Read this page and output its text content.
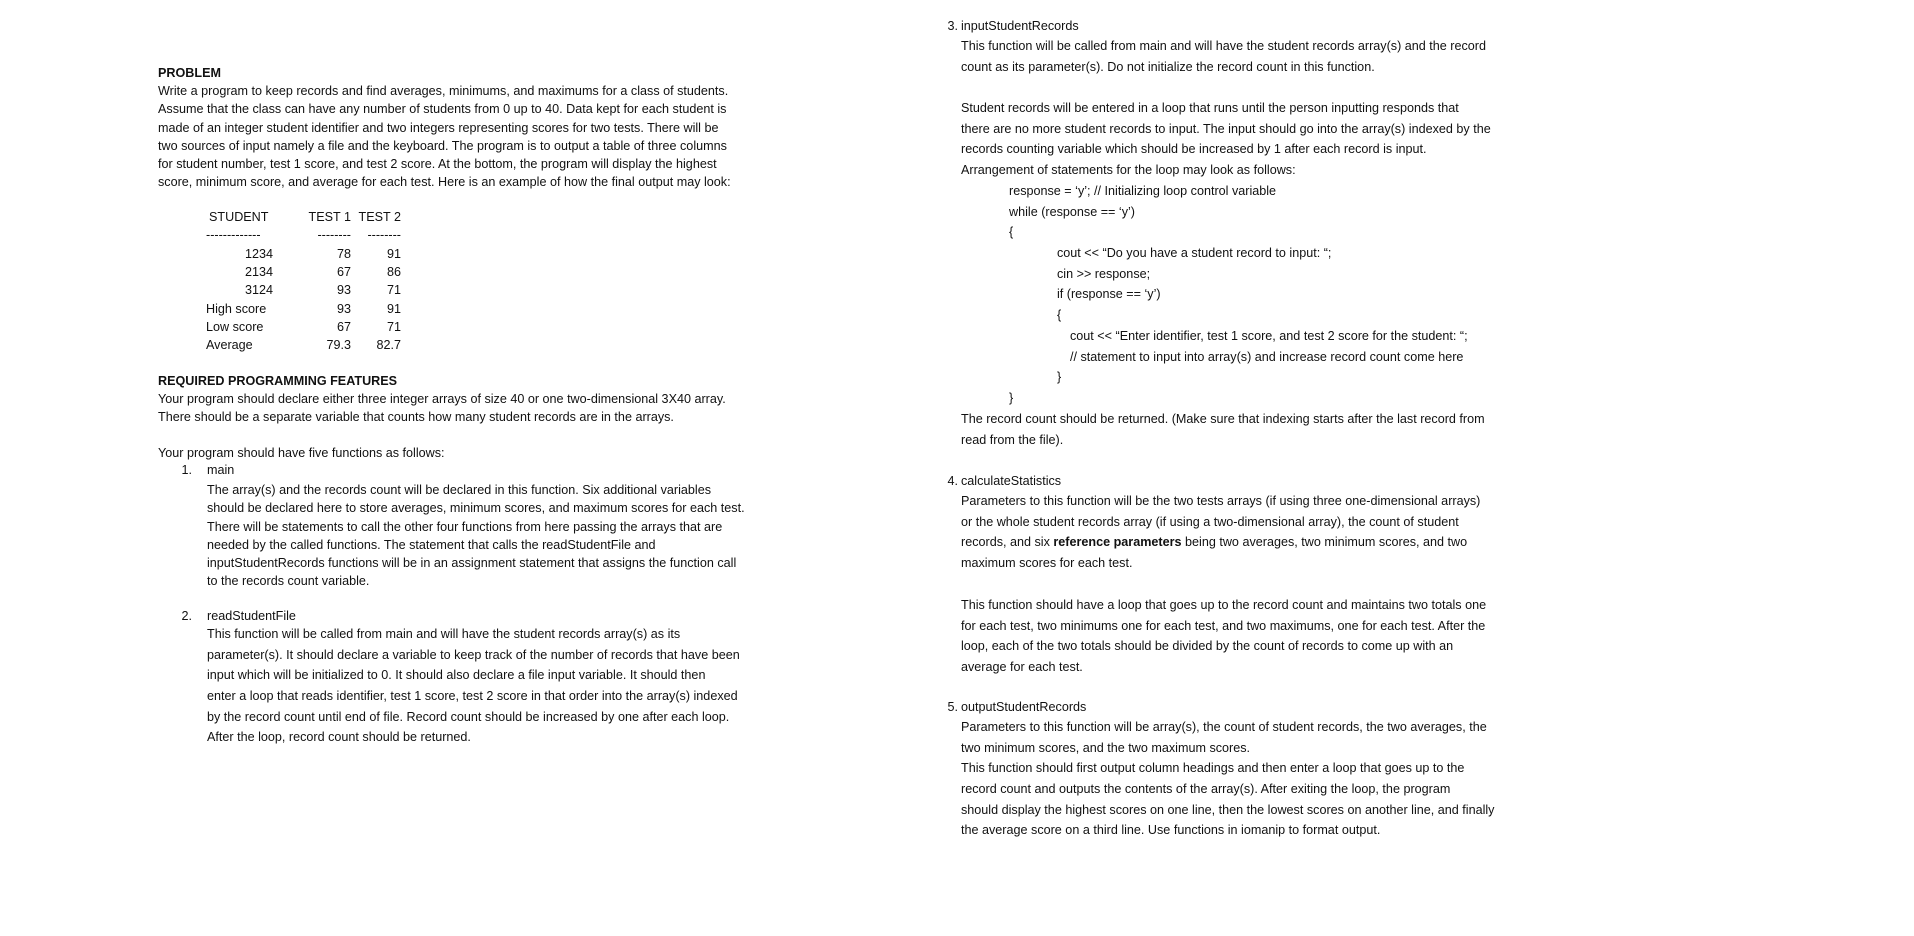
PROBLEM
Write a program to keep records and find averages, minimums, and maximums for a class of students.
Assume that the class can have any number of students from 0 up to 40. Data kept for each student is
made of an integer student identifier and two integers representing scores for two tests. There will be
two sources of input namely a file and the keyboard. The program is to output a table of three columns
for student number, test 1 score, and test 2 score. At the bottom, the program will display the highest
score, minimum score, and average for each test. Here is an example of how the final output may look:
STUDENT	TEST 1	TEST 2
-------------	--------	--------
1234	78	91
2134	67	86
3124	93	71
High score	93	91
Low score	67	71
Average	79.3	82.7
REQUIRED PROGRAMMING FEATURES
Your program should declare either three integer arrays of size 40 or one two-dimensional 3X40 array.
There should be a separate variable that counts how many student records are in the arrays.
Your program should have five functions as follows:
1. main
The array(s) and the records count will be declared in this function. Six additional variables
should be declared here to store averages, minimum scores, and maximum scores for each test.
There will be statements to call the other four functions from here passing the arrays that are
needed by the called functions. The statement that calls the readStudentFile and
inputStudentRecords functions will be in an assignment statement that assigns the function call
to the records count variable.
2. readStudentFile
This function will be called from main and will have the student records array(s) as its
parameter(s). It should declare a variable to keep track of the number of records that have been
input which will be initialized to 0. It should also declare a file input variable. It should then
enter a loop that reads identifier, test 1 score, test 2 score in that order into the array(s) indexed
by the record count until end of file. Record count should be increased by one after each loop.
After the loop, record count should be returned.
3. inputStudentRecords
This function will be called from main and will have the student records array(s) and the record
count as its parameter(s). Do not initialize the record count in this function.
Student records will be entered in a loop that runs until the person inputting responds that
there are no more student records to input. The input should go into the array(s) indexed by the
records counting variable which should be increased by 1 after each record is input.
Arrangement of statements for the loop may look as follows:
response = ‘y’; // Initializing loop control variable
while (response == ‘y’)
{
cout << “Do you have a student record to input: “;
cin >> response;
if (response == ‘y’)
{
cout << “Enter identifier, test 1 score, and test 2 score for the student: “;
// statement to input into array(s) and increase record count come here
}
}
The record count should be returned. (Make sure that indexing starts after the last record from
read from the file).
4. calculateStatistics
Parameters to this function will be the two tests arrays (if using three one-dimensional arrays)
or the whole student records array (if using a two-dimensional array), the count of student
records, and six reference parameters being two averages, two minimum scores, and two
maximum scores for each test.
This function should have a loop that goes up to the record count and maintains two totals one
for each test, two minimums one for each test, and two maximums, one for each test. After the
loop, each of the two totals should be divided by the count of records to come up with an
average for each test.
5. outputStudentRecords
Parameters to this function will be array(s), the count of student records, the two averages, the
two minimum scores, and the two maximum scores.
This function should first output column headings and then enter a loop that goes up to the
record count and outputs the contents of the array(s). After exiting the loop, the program
should display the highest scores on one line, then the lowest scores on another line, and finally
the average score on a third line. Use functions in iomanip to format output.
